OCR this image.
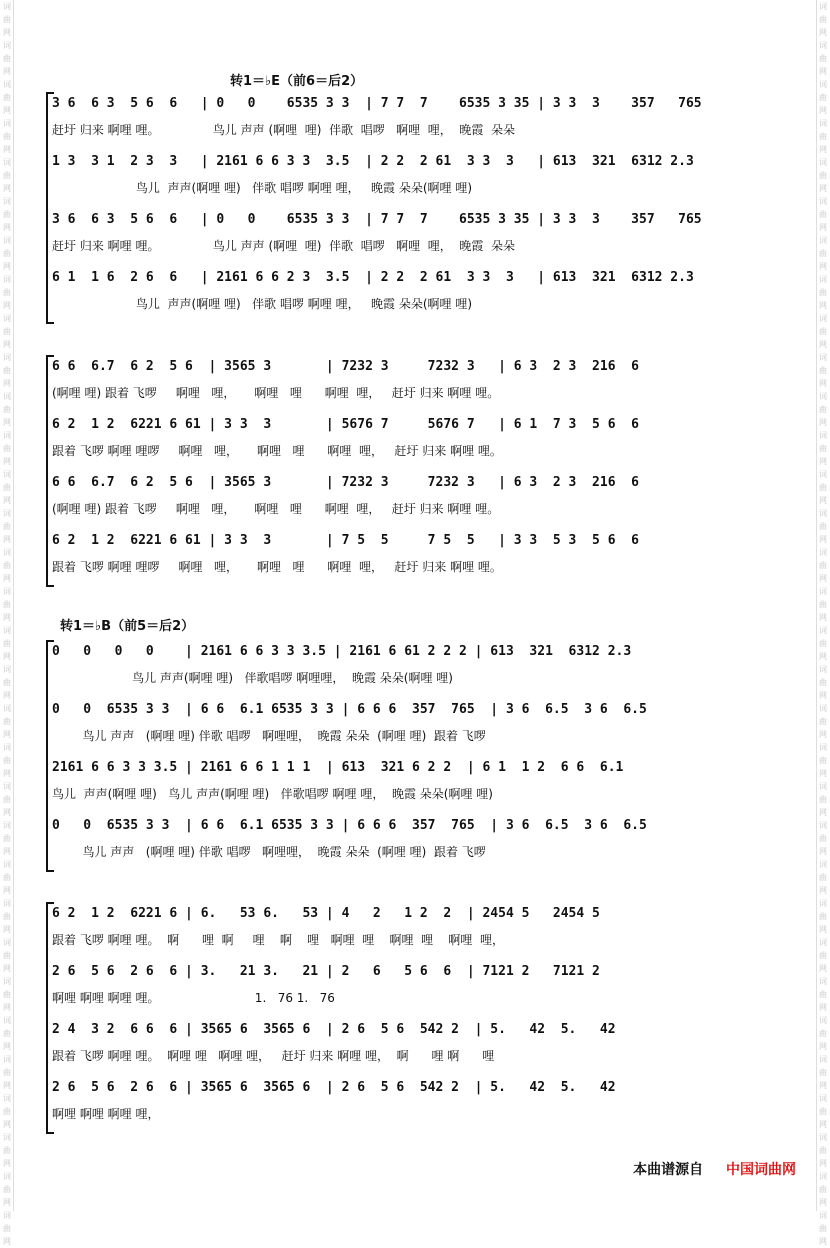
词
曲
网
词
曲
网
词
曲
网
词
曲
网
词
曲
网
词
曲
网
词
曲
网
词
曲
网
词
曲
网
词
曲
网
词
曲
网
词
曲
网
词
曲
网
词
曲
网
词
曲
网
词
曲
网
词
曲
网
词
曲
网
词
曲
网
词
曲
网
词
曲
网
词
曲
网
词
曲
网
词
曲
网
词
曲
网
词
曲
网
词
曲
网
词
曲
网
词
曲
网
词
曲
网
词
曲
网
词
曲
网
词
曲
网
词
曲
网
词
曲
网
词
曲
网
词
曲
网
词
曲
网
词
曲
网
词
曲
网
词
曲
网
词
曲
网
词
曲
网
词
曲
网
词
曲
网
词
曲
网
词
曲
网
词
曲
网
词
曲
网
词
曲
网
词
曲
网
词
曲
网
词
曲
网
词
曲
网
词
曲
网
词
曲
网
词
曲
网
词
曲
网
词
曲
网
词
曲
网
词
曲
网
词
曲
网
词
曲
网
词
曲
网
转1＝♭E（前6＝后2）
3 6  6 3  5 6  6   | 0   0    6535 3 3  | 7 7  7    6535 3 35 | 3 3  3    357   765
赶圩 归来 啊哩 哩。              鸟儿 声声 (啊哩  哩)  伴歌  唱啰   啊哩  哩，  晚霞  朵朵
1 3  3 1  2 3  3   | 2161 6 6 3 3  3.5  | 2 2  2 61  3 3  3   | 613  321  6312 2.3
鸟儿  声声(啊哩 哩)   伴歌 唱啰 啊哩 哩，   晚霞 朵朵(啊哩 哩)
3 6  6 3  5 6  6   | 0   0    6535 3 3  | 7 7  7    6535 3 35 | 3 3  3    357   765
赶圩 归来 啊哩 哩。              鸟儿 声声 (啊哩  哩)  伴歌  唱啰   啊哩  哩，  晚霞  朵朵
6 1  1 6  2 6  6   | 2161 6 6 2 3  3.5  | 2 2  2 61  3 3  3   | 613  321  6312 2.3
鸟儿  声声(啊哩 哩)   伴歌 唱啰 啊哩 哩，   晚霞 朵朵(啊哩 哩)
6 6  6.7  6 2  5 6  | 3565 3       | 7232 3     7232 3   | 6 3  2 3  216  6
(啊哩 哩) 跟着 飞啰     啊哩   哩，     啊哩   哩      啊哩  哩，   赶圩 归来 啊哩 哩。
6 2  1 2  6221 6 61 | 3 3  3       | 5676 7     5676 7   | 6 1  7 3  5 6  6
跟着 飞啰 啊哩 哩啰     啊哩   哩，     啊哩   哩      啊哩  哩，   赶圩 归来 啊哩 哩。
6 6  6.7  6 2  5 6  | 3565 3       | 7232 3     7232 3   | 6 3  2 3  216  6
(啊哩 哩) 跟着 飞啰     啊哩   哩，     啊哩   哩      啊哩  哩，   赶圩 归来 啊哩 哩。
6 2  1 2  6221 6 61 | 3 3  3       | 7 5  5     7 5  5   | 3 3  5 3  5 6  6
跟着 飞啰 啊哩 哩啰     啊哩   哩，     啊哩   哩      啊哩  哩，   赶圩 归来 啊哩 哩。
转1＝♭B（前5＝后2）
0   0   0   0    | 2161 6 6 3 3 3.5 | 2161 6 61 2 2 2 | 613  321  6312 2.3
鸟儿 声声(啊哩 哩)   伴歌唱啰 啊哩哩，  晚霞 朵朵(啊哩 哩)
0   0  6535 3 3  | 6 6  6.1 6535 3 3 | 6 6 6  357  765  | 3 6  6.5  3 6  6.5
鸟儿 声声   (啊哩 哩) 伴歌 唱啰   啊哩哩，  晚霞 朵朵  (啊哩 哩)  跟着 飞啰
2161 6 6 3 3 3.5 | 2161 6 6 1 1 1  | 613  321 6 2 2  | 6 1  1 2  6 6  6.1
鸟儿  声声(啊哩 哩)   鸟儿 声声(啊哩 哩)   伴歌唱啰 啊哩 哩，  晚霞 朵朵(啊哩 哩)
0   0  6535 3 3  | 6 6  6.1 6535 3 3 | 6 6 6  357  765  | 3 6  6.5  3 6  6.5
鸟儿 声声   (啊哩 哩) 伴歌 唱啰   啊哩哩，  晚霞 朵朵  (啊哩 哩)  跟着 飞啰
6 2  1 2  6221 6 | 6.   53 6.   53 | 4   2   1 2  2  | 2454 5   2454 5
跟着 飞啰 啊哩 哩。  啊      哩  啊     哩    啊    哩   啊哩  哩    啊哩  哩    啊哩  哩，
2 6  5 6  2 6  6 | 3.   21 3.   21 | 2   6   5 6  6  | 7121 2   7121 2
啊哩 啊哩 啊哩 哩。                         1.   76 1.   76
2 4  3 2  6 6  6 | 3565 6  3565 6  | 2 6  5 6  542 2  | 5.   42  5.   42
跟着 飞啰 啊哩 哩。  啊哩 哩   啊哩 哩，   赶圩 归来 啊哩 哩，  啊      哩 啊      哩
2 6  5 6  2 6  6 | 3565 6  3565 6  | 2 6  5 6  542 2  | 5.   42  5.   42
啊哩 啊哩 啊哩 哩，
本曲谱源自 中国词曲网
